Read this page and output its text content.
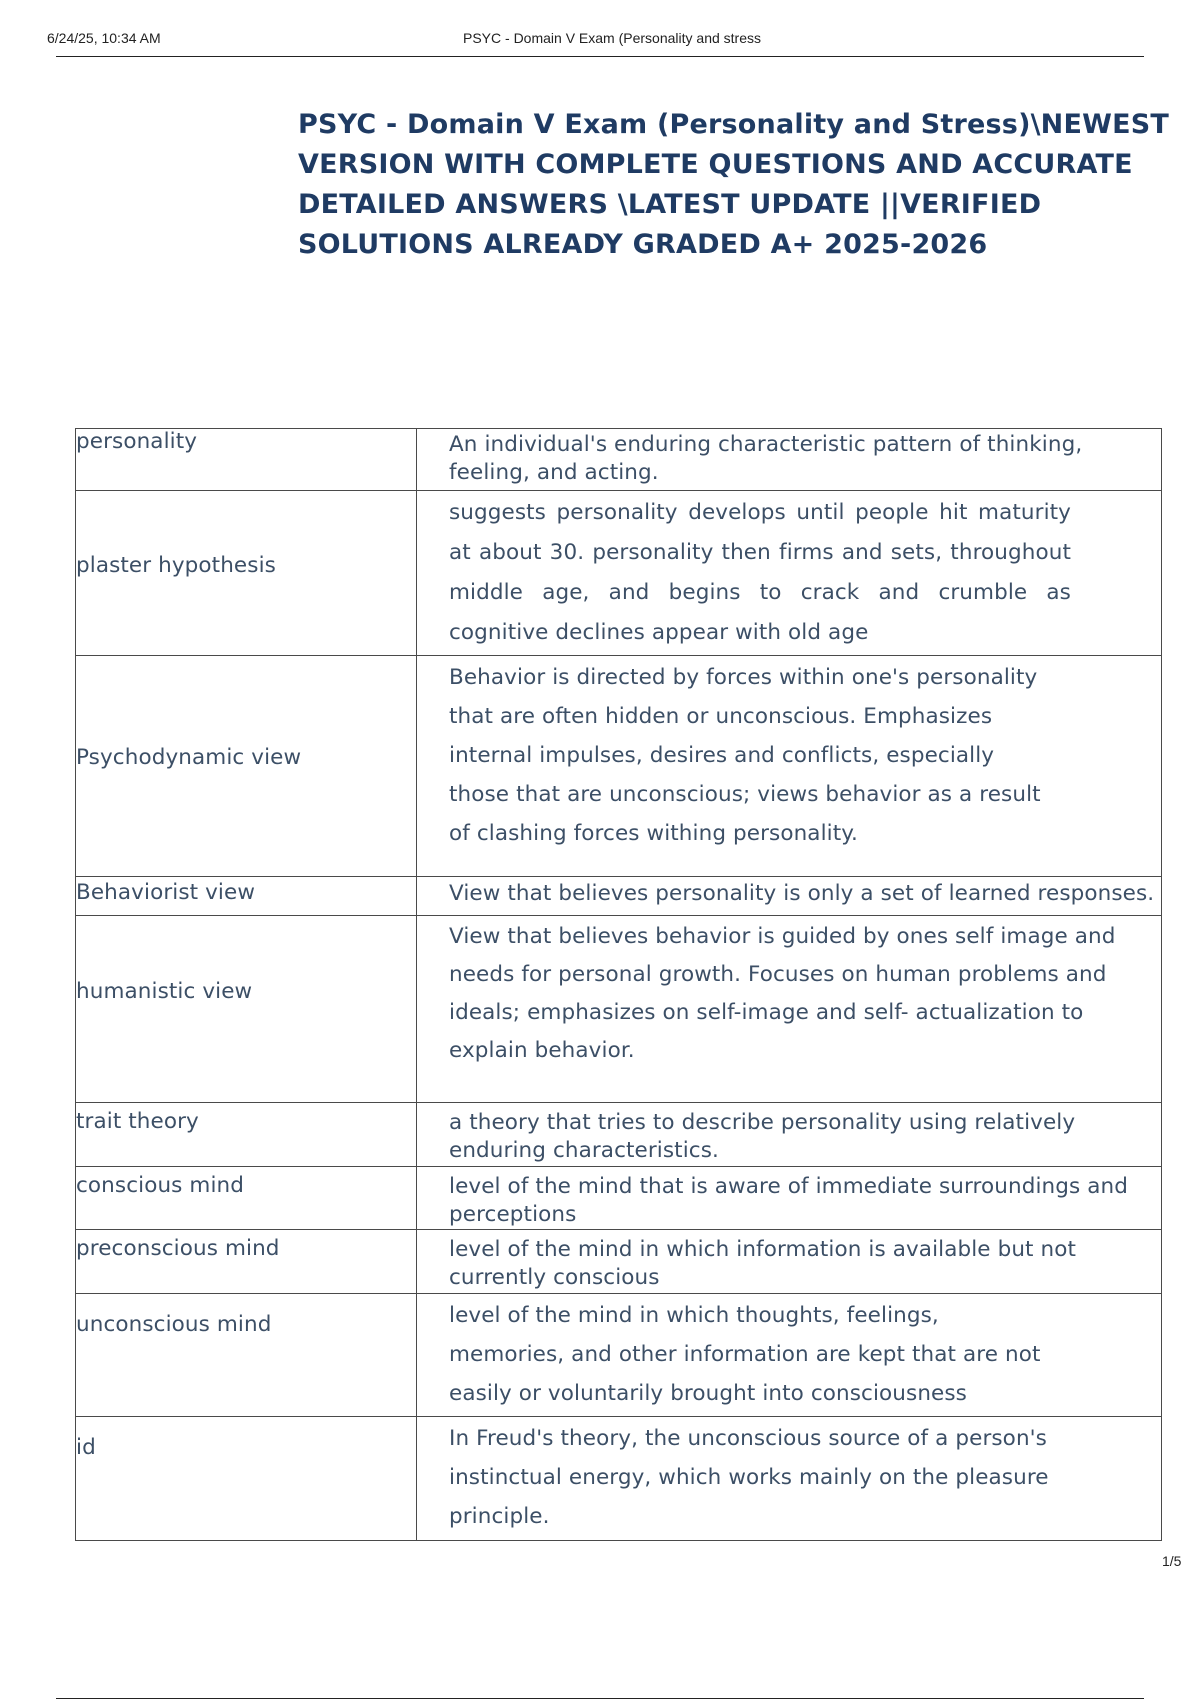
6/24/25, 10:34 AM	PSYC - Domain V Exam (Personality and stress
PSYC - Domain V Exam (Personality and Stress)\NEWEST VERSION WITH COMPLETE QUESTIONS AND ACCURATE DETAILED ANSWERS \LATEST UPDATE ||VERIFIED SOLUTIONS ALREADY GRADED A+ 2025-2026
personality	An individual's enduring characteristic pattern of thinking, feeling, and acting.

plaster hypothesis	suggests personality develops until people hit maturity at about 30. personality then firms and sets, throughout middle age, and begins to crack and crumble as cognitive declines appear with old age

Psychodynamic view	Behavior is directed by forces within one's personality that are often hidden or unconscious. Emphasizes internal impulses, desires and conflicts, especially those that are unconscious; views behavior as a result of clashing forces withing personality.

Behaviorist view	View that believes personality is only a set of learned responses.

humanistic view	View that believes behavior is guided by ones self image and needs for personal growth. Focuses on human problems and ideals; emphasizes on self-image and self- actualization to explain behavior.

trait theory	a theory that tries to describe personality using relatively enduring characteristics.

conscious mind	level of the mind that is aware of immediate surroundings and perceptions

preconscious mind	level of the mind in which information is available but not currently conscious

unconscious mind	level of the mind in which thoughts, feelings, memories, and other information are kept that are not easily or voluntarily brought into consciousness

id	In Freud's theory, the unconscious source of a person's instinctual energy, which works mainly on the pleasure principle.
1/5
